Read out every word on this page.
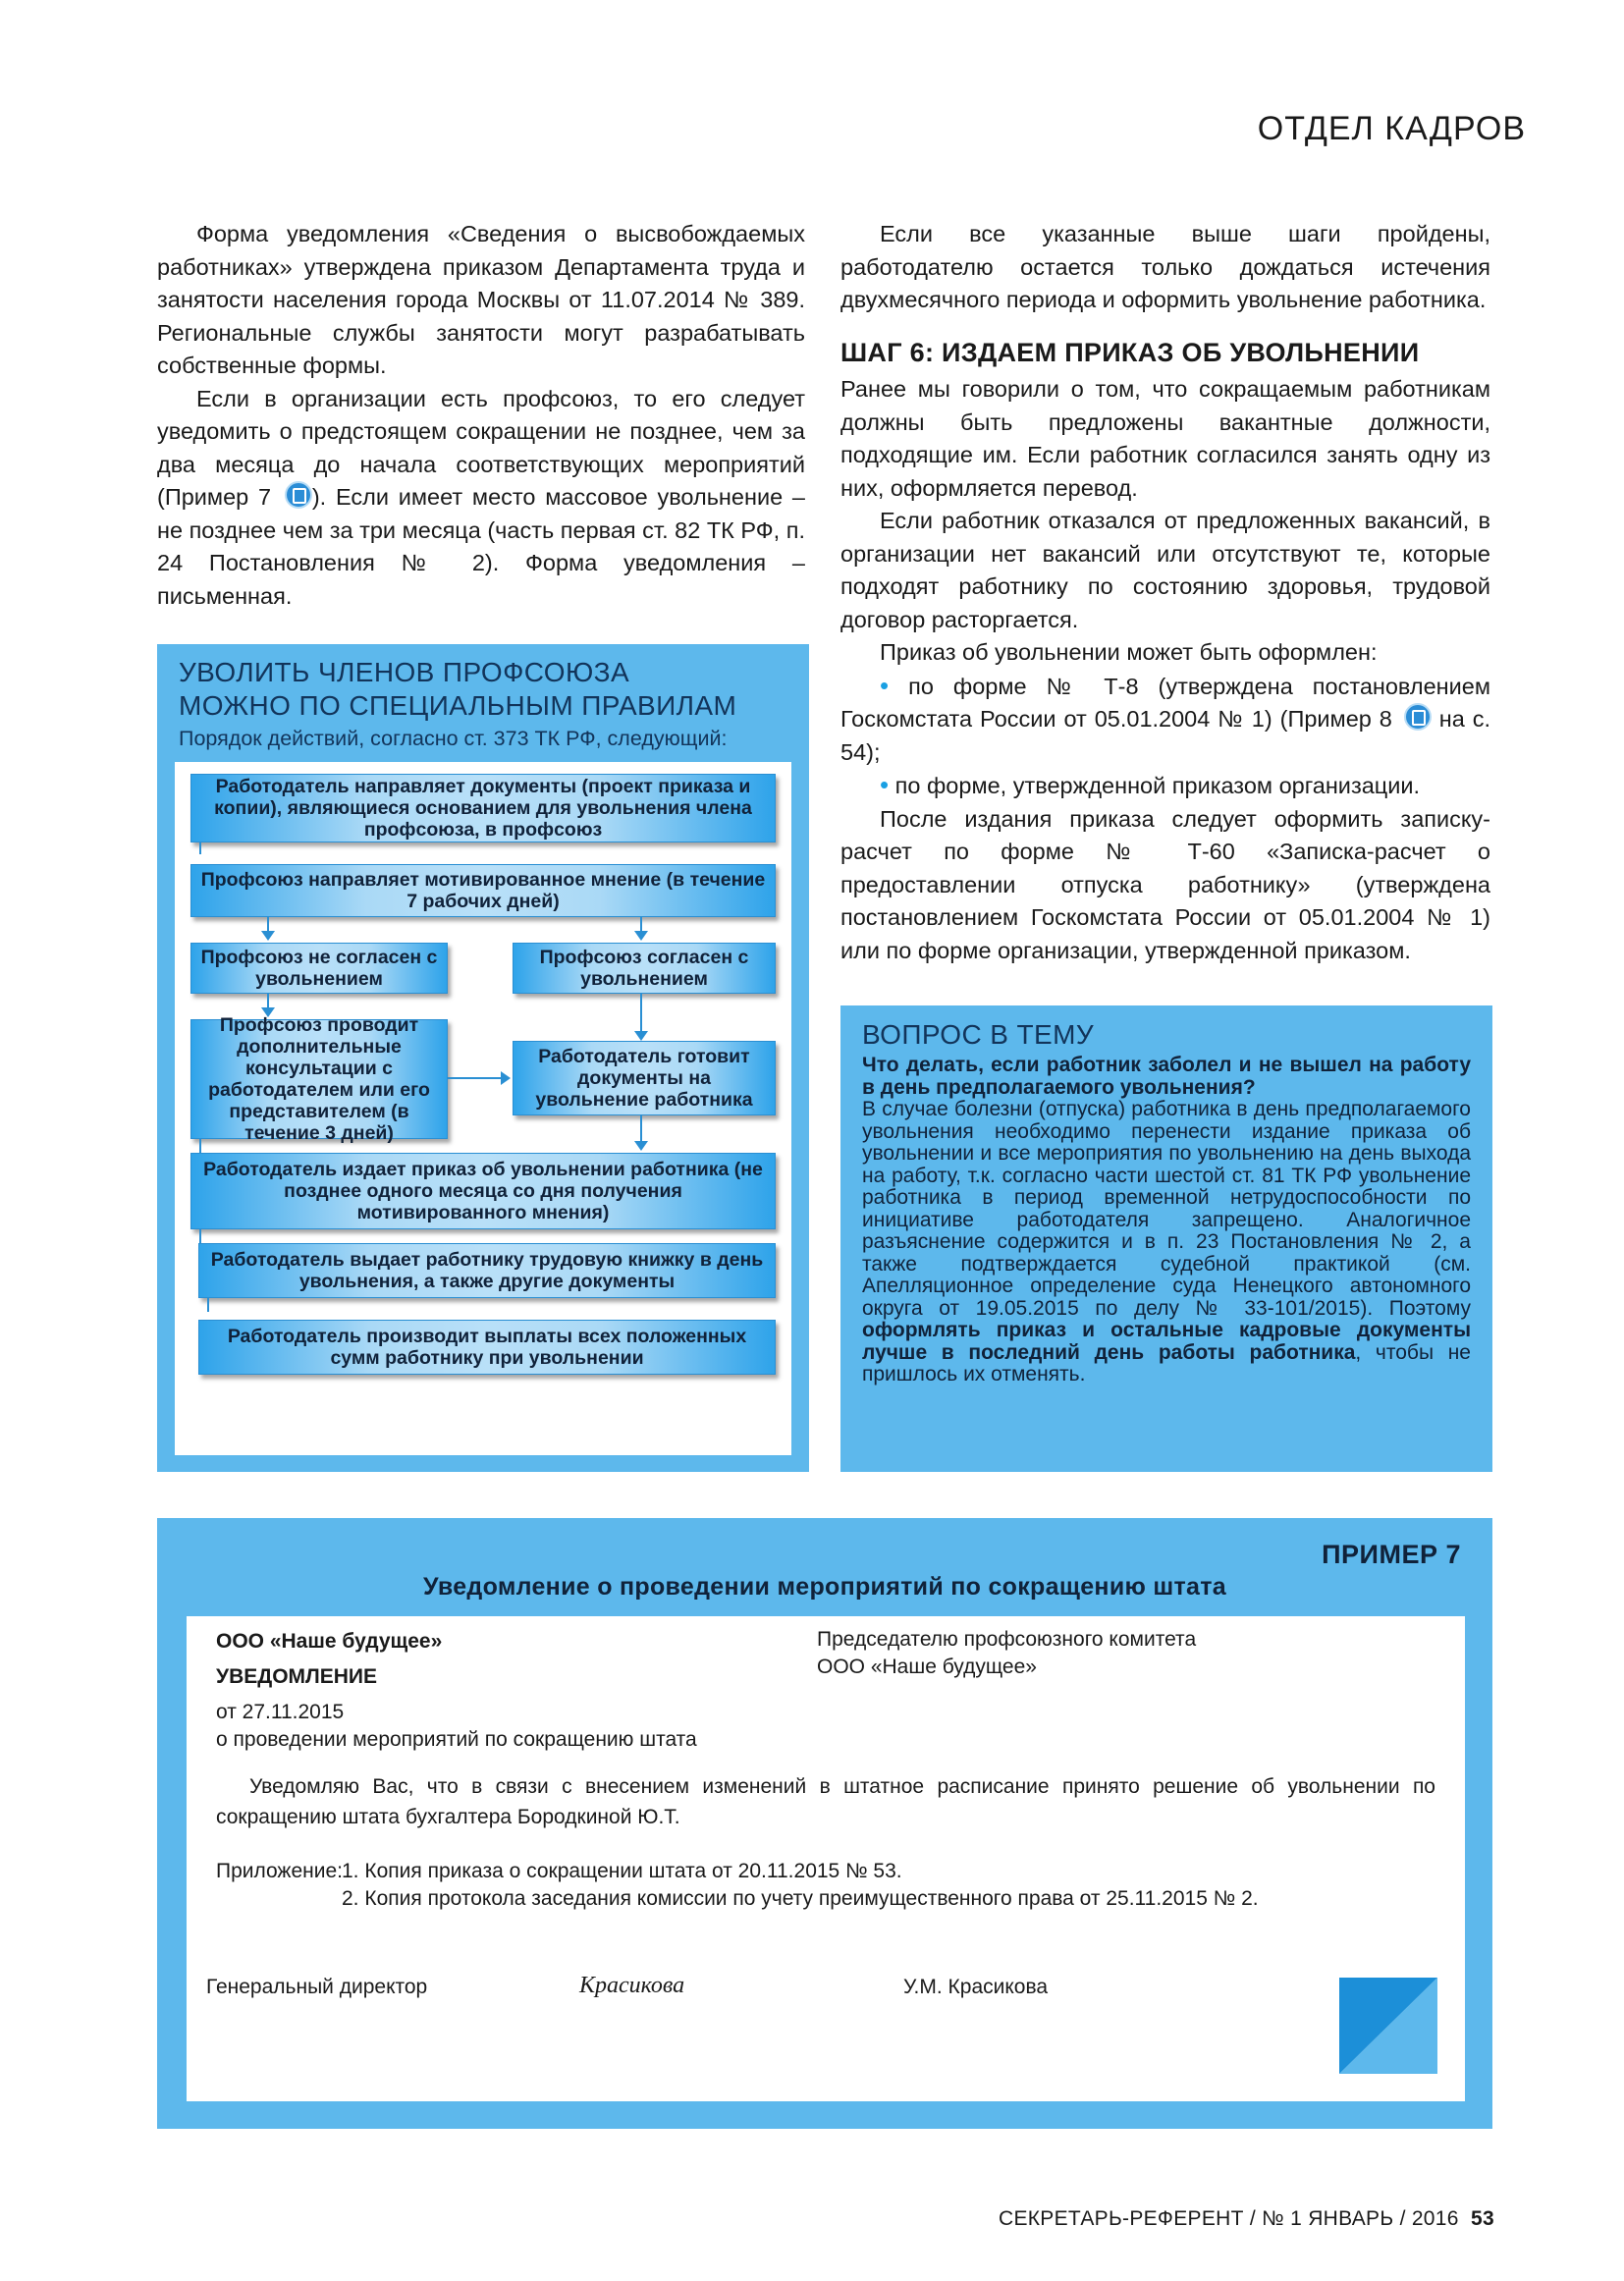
ОТДЕЛ КАДРОВ

Форма уведомления «Сведения о высвобождаемых работниках» утверждена приказом Департамента труда и занятости населения города Москвы от 11.07.2014 № 389. Региональные службы занятости могут разрабатывать собственные формы.

Если в организации есть профсоюз, то его следует уведомить о предстоящем сокращении не позднее, чем за два месяца до начала соответствующих мероприятий (Пример 7 ). Если имеет место массовое увольнение – не позднее чем за три месяца (часть первая ст. 82 ТК РФ, п. 24 Постановления № 2). Форма уведомления – письменная.

УВОЛИТЬ ЧЛЕНОВ ПРОФСОЮЗА
МОЖНО ПО СПЕЦИАЛЬНЫМ ПРАВИЛАМ
Порядок действий, согласно ст. 373 ТК РФ, следующий:
Работодатель направляет документы (проект приказа и копии), являющиеся основанием для увольнения члена профсоюза, в профсоюз
Профсоюз направляет мотивированное мнение (в течение 7 рабочих дней)
Профсоюз не согласен с увольнением
Профсоюз согласен с увольнением
Профсоюз проводит дополнительные консультации с работодателем или его представителем (в течение 3 дней)
Работодатель готовит документы на увольнение работника
Работодатель издает приказ об увольнении работника (не позднее одного месяца со дня получения мотивированного мнения)
Работодатель выдает работнику трудовую книжку в день увольнения, а также другие документы
Работодатель производит выплаты всех положенных сумм работнику при увольнении

Если все указанные выше шаги пройдены, работодателю остается только дождаться истечения двухмесячного периода и оформить увольнение работника.

ШАГ 6: ИЗДАЕМ ПРИКАЗ ОБ УВОЛЬНЕНИИ

Ранее мы говорили о том, что сокращаемым работникам должны быть предложены вакантные должности, подходящие им. Если работник согласился занять одну из них, оформляется перевод.

Если работник отказался от предложенных вакансий, в организации нет вакансий или отсутствуют те, которые подходят работнику по состоянию здоровья, трудовой договор расторгается.

Приказ об увольнении может быть оформлен:

• по форме № Т-8 (утверждена постановлением Госкомстата России от 05.01.2004 № 1) (Пример 8 на с. 54);

• по форме, утвержденной приказом организации.

После издания приказа следует оформить записку-расчет по форме № Т-60 «Записка-расчет о предоставлении отпуска работнику» (утверждена постановлением Госкомстата России от 05.01.2004 № 1) или по форме организации, утвержденной приказом.

ВОПРОС В ТЕМУ
Что делать, если работник заболел и не вышел на работу в день предполагаемого увольнения?
В случае болезни (отпуска) работника в день предполагаемого увольнения необходимо перенести издание приказа об увольнении и все мероприятия по увольнению на день выхода на работу, т.к. согласно части шестой ст. 81 ТК РФ увольнение работника в период временной нетрудоспособности по инициативе работодателя запрещено. Аналогичное разъяснение содержится и в п. 23 Постановления № 2, а также подтверждается судебной практикой (см. Апелляционное определение суда Ненецкого автономного округа от 19.05.2015 по делу № 33-101/2015). Поэтому оформлять приказ и остальные кадровые документы лучше в последний день работы работника, чтобы не пришлось их отменять.
ПРИМЕР 7
Уведомление о проведении мероприятий по сокращению штата
ООО «Наше будущее»
УВЕДОМЛЕНИЕ
от 27.11.2015
о проведении мероприятий по сокращению штата
Председателю профсоюзного комитета
ООО «Наше будущее»
Уведомляю Вас, что в связи с внесением изменений в штатное расписание принято решение об увольнении по сокращению штата бухгалтера Бородкиной Ю.Т.
Приложение:
1. Копия приказа о сокращении штата от 20.11.2015 № 53.
2. Копия протокола заседания комиссии по учету преимущественного права от 25.11.2015 № 2.
Генеральный директор	Красикова	У.М. Красикова
СЕКРЕТАРЬ-РЕФЕРЕНТ / № 1 ЯНВАРЬ / 2016 53
